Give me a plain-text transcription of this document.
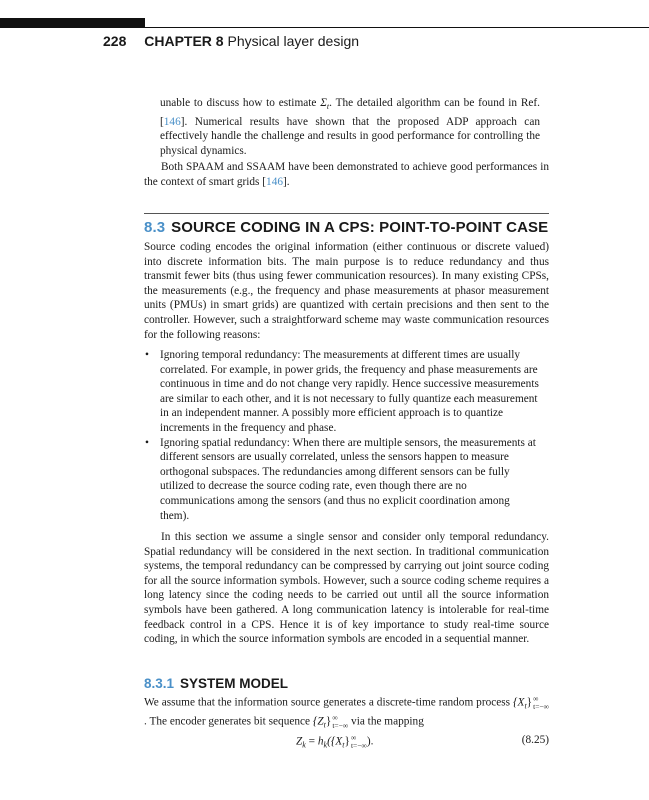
228 CHAPTER 8 Physical layer design

unable to discuss how to estimate $\Sigma_t$. The detailed algorithm can be found in Ref. [146]. Numerical results have shown that the proposed ADP approach can effectively handle the challenge and results in good performance for controlling the physical dynamics.

Both SPAAM and SSAAM have been demonstrated to achieve good performances in the context of smart grids [146].

8.3 SOURCE CODING IN A CPS: POINT-TO-POINT CASE

Source coding encodes the original information (either continuous or discrete valued) into discrete information bits. The main purpose is to reduce redundancy and thus transmit fewer bits (thus using fewer communication resources). In many existing CPSs, the measurements (e.g., the frequency and phase measurements at phasor measurement units (PMUs) in smart grids) are quantized with certain precisions and then sent to the controller. However, such a straightforward scheme may waste communication resources for the following reasons:

• Ignoring temporal redundancy: The measurements at different times are usually correlated. For example, in power grids, the frequency and phase measurements are continuous in time and do not change very rapidly. Hence successive measurements are similar to each other, and it is not necessary to fully quantize each measurement in an independent manner. A possibly more efficient approach is to quantize increments in the frequency and phase.
• Ignoring spatial redundancy: When there are multiple sensors, the measurements at different sensors are usually correlated, unless the sensors happen to measure orthogonal subspaces. The redundancies among different sensors can be fully utilized to decrease the source coding rate, even though there are no communications among the sensors (and thus no explicit coordination among them).

In this section we assume a single sensor and consider only temporal redundancy. Spatial redundancy will be considered in the next section. In traditional communication systems, the temporal redundancy can be compressed by carrying out joint source coding for all the source information symbols. However, such a source coding scheme requires a long latency since the coding needs to be carried out until all the source information symbols have been gathered. A long communication latency is intolerable for real-time feedback control in a CPS. Hence it is of key importance to study real-time source coding, in which the source information symbols are encoded in a sequential manner.

8.3.1 SYSTEM MODEL

We assume that the information source generates a discrete-time random process $\{X_t\}\infty$
t=−∞. The encoder generates bit sequence $\{Z_t\}\infty$
t=−∞ via the mapping

$Z_k = h_k(\{X_t\}\infty$
t=−∞).	(8.25)
